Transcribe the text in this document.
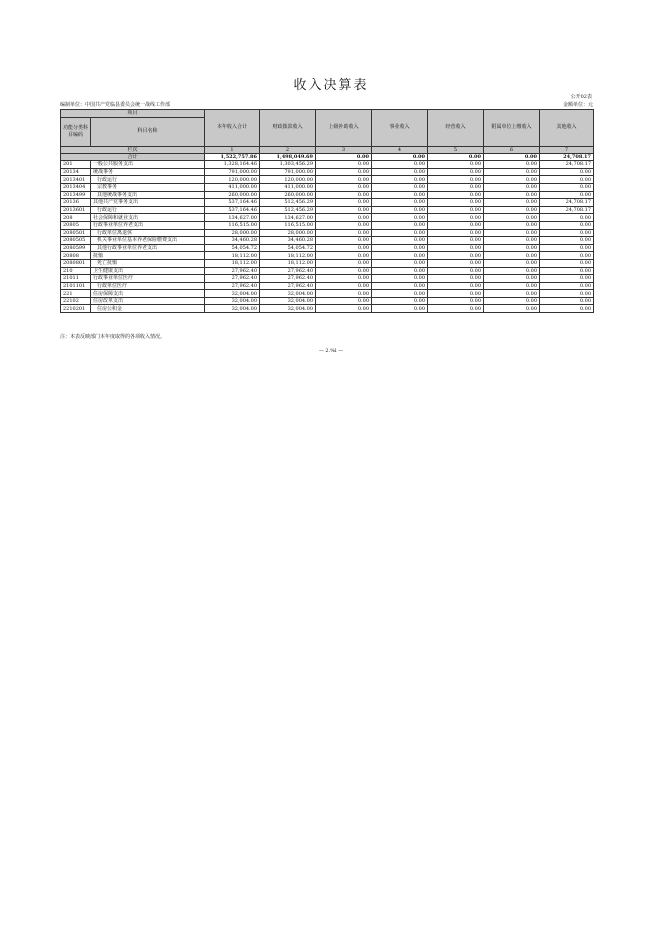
收入决算表
公开02表
编制单位：中国共产党临县委员会统一战线工作部	金额单位：元
项目		本年收入合计	财政拨款收入	上级补助收入	事业收入	经营收入	附属单位上缴收入	其他收入
功能分类科目编码	科目名称							
栏次		1	2	3	4	5	6	7
合计		1,522,757.86	1,498,049.69	0.00	0.00	0.00	0.00	24,708.17
201	一般公共服务支出	1,328,164.46	1,303,456.29	0.00	0.00	0.00	0.00	24,708.17
20134	统战事务	791,000.00	791,000.00	0.00	0.00	0.00	0.00	0.00
2013401	行政运行	120,000.00	120,000.00	0.00	0.00	0.00	0.00	0.00
2013404	宗教事务	411,000.00	411,000.00	0.00	0.00	0.00	0.00	0.00
2013499	其他统战事务支出	260,000.00	260,000.00	0.00	0.00	0.00	0.00	0.00
20136	其他共产党事务支出	537,164.46	512,456.29	0.00	0.00	0.00	0.00	24,708.17
2013601	行政运行	537,164.46	512,456.29	0.00	0.00	0.00	0.00	24,708.17
208	社会保障和就业支出	134,627.00	134,627.00	0.00	0.00	0.00	0.00	0.00
20805	行政事业单位养老支出	116,515.00	116,515.00	0.00	0.00	0.00	0.00	0.00
2080501	行政单位离退休	28,000.00	28,000.00	0.00	0.00	0.00	0.00	0.00
2080505	机关事业单位基本养老保险缴费支出	34,460.28	34,460.28	0.00	0.00	0.00	0.00	0.00
2080599	其他行政事业单位养老支出	54,054.72	54,054.72	0.00	0.00	0.00	0.00	0.00
20808	抚恤	18,112.00	18,112.00	0.00	0.00	0.00	0.00	0.00
2080801	死亡抚恤	18,112.00	18,112.00	0.00	0.00	0.00	0.00	0.00
210	卫生健康支出	27,962.40	27,962.40	0.00	0.00	0.00	0.00	0.00
21011	行政事业单位医疗	27,962.40	27,962.40	0.00	0.00	0.00	0.00	0.00
2101101	行政单位医疗	27,962.40	27,962.40	0.00	0.00	0.00	0.00	0.00
221	住房保障支出	32,004.00	32,004.00	0.00	0.00	0.00	0.00	0.00
22102	住房改革支出	32,004.00	32,004.00	0.00	0.00	0.00	0.00	0.00
2210201	住房公积金	32,004.00	32,004.00	0.00	0.00	0.00	0.00	0.00
注：本表反映部门本年度取得的各项收入情况。
— 2.%l —
